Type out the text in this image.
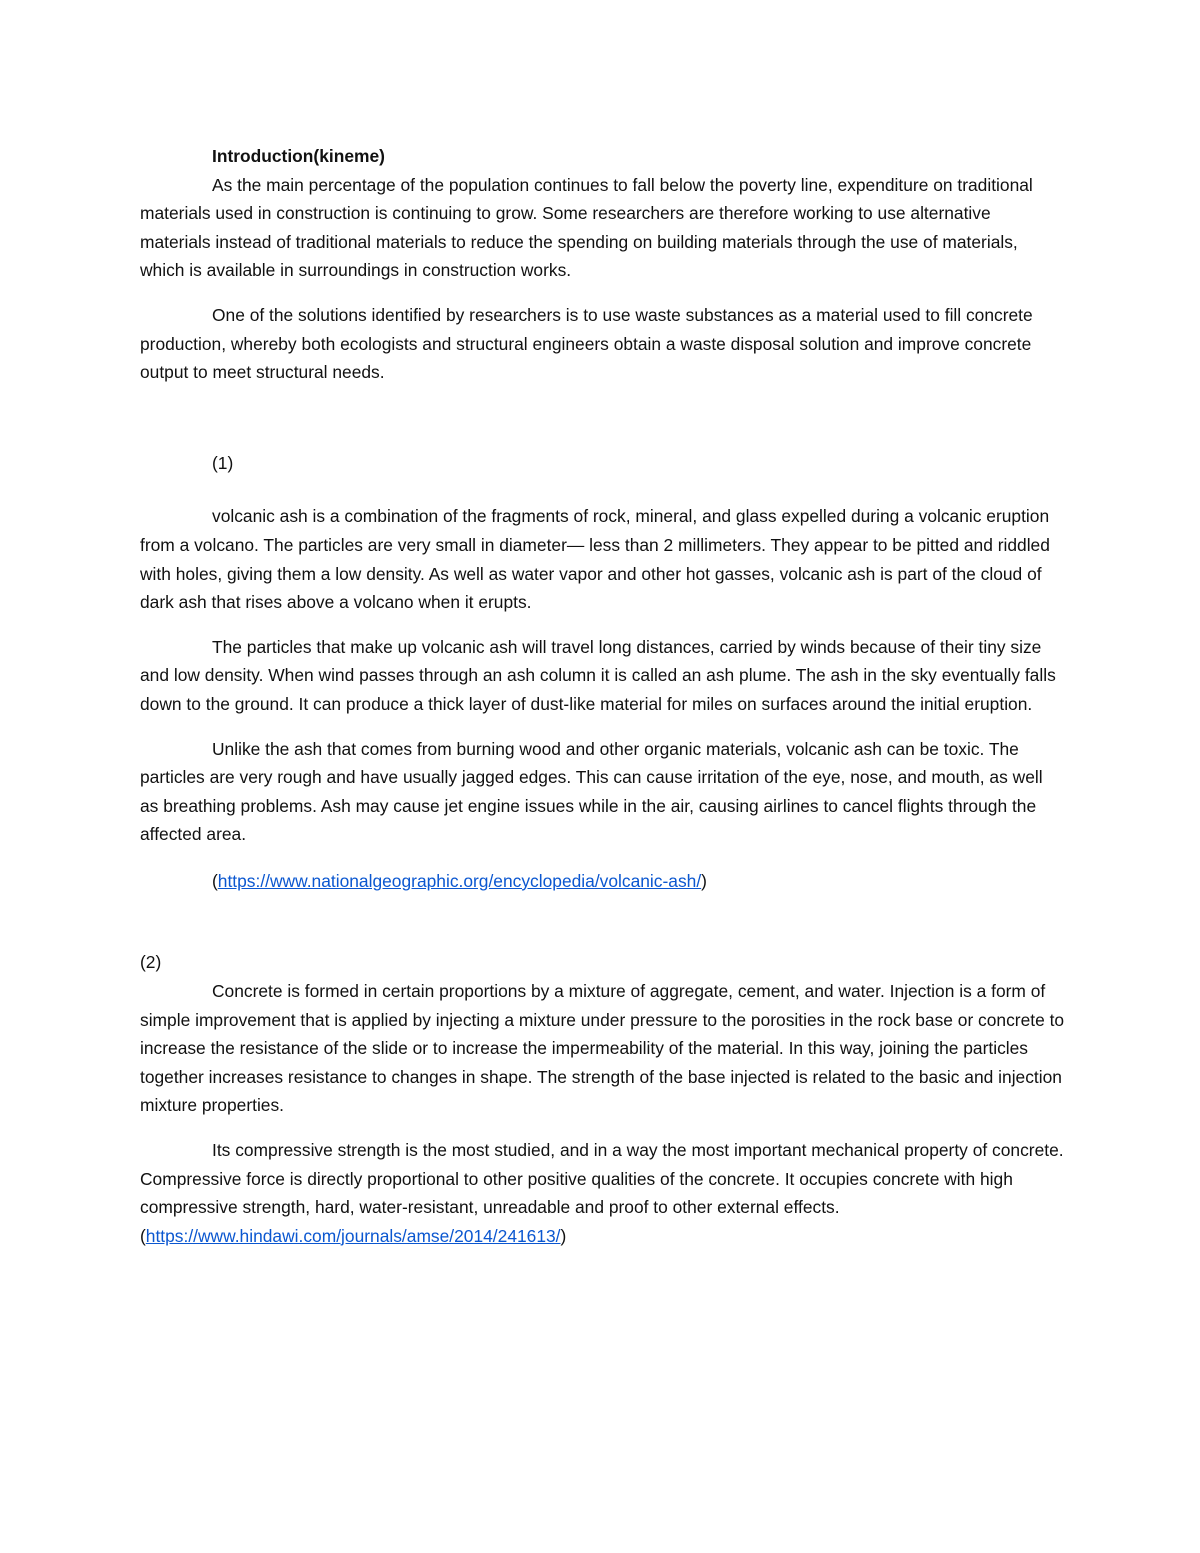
Introduction(kineme)

As the main percentage of the population continues to fall below the poverty line, expenditure on traditional materials used in construction is continuing to grow. Some researchers are therefore working to use alternative materials instead of traditional materials to reduce the spending on building materials through the use of materials, which is available in surroundings in construction works.

One of the solutions identified by researchers is to use waste substances as a material used to fill concrete production, whereby both ecologists and structural engineers obtain a waste disposal solution and improve concrete output to meet structural needs.

(1)

volcanic ash is a combination of the fragments of rock, mineral, and glass expelled during a volcanic eruption from a volcano. The particles are very small in diameter— less than 2 millimeters. They appear to be pitted and riddled with holes, giving them a low density. As well as water vapor and other hot gasses, volcanic ash is part of the cloud of dark ash that rises above a volcano when it erupts.

The particles that make up volcanic ash will travel long distances, carried by winds because of their tiny size and low density. When wind passes through an ash column it is called an ash plume. The ash in the sky eventually falls down to the ground. It can produce a thick layer of dust-like material for miles on surfaces around the initial eruption.

Unlike the ash that comes from burning wood and other organic materials, volcanic ash can be toxic. The particles are very rough and have usually jagged edges. This can cause irritation of the eye, nose, and mouth, as well as breathing problems. Ash may cause jet engine issues while in the air, causing airlines to cancel flights through the affected area.

(https://www.nationalgeographic.org/encyclopedia/volcanic-ash/)

(2)

Concrete is formed in certain proportions by a mixture of aggregate, cement, and water. Injection is a form of simple improvement that is applied by injecting a mixture under pressure to the porosities in the rock base or concrete to increase the resistance of the slide or to increase the impermeability of the material. In this way, joining the particles together increases resistance to changes in shape. The strength of the base injected is related to the basic and injection mixture properties.

Its compressive strength is the most studied, and in a way the most important mechanical property of concrete. Compressive force is directly proportional to other positive qualities of the concrete. It occupies concrete with high compressive strength, hard, water-resistant, unreadable and proof to other external effects.

(https://www.hindawi.com/journals/amse/2014/241613/)
